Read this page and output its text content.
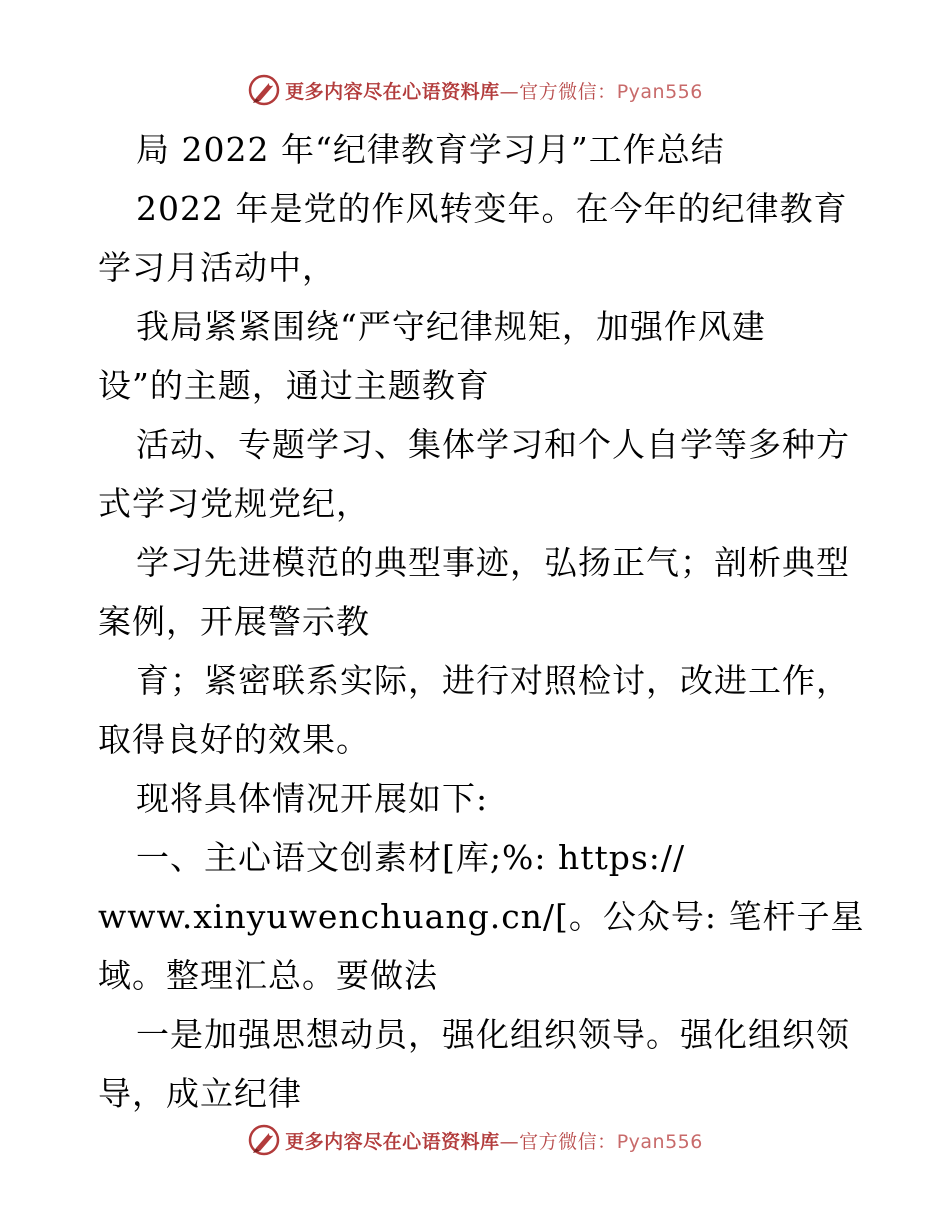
更多内容尽在心语资料库—官方微信：Pyan556
局 2022 年“纪律教育学习月”工作总结
2022 年是党的作风转变年。在今年的纪律教育
学习月活动中，
我局紧紧围绕“严守纪律规矩，加强作风建
设”的主题，通过主题教育
活动、专题学习、集体学习和个人自学等多种方
式学习党规党纪，
学习先进模范的典型事迹，弘扬正气；剖析典型
案例，开展警示教
育；紧密联系实际，进行对照检讨，改进工作，
取得良好的效果。
现将具体情况开展如下:
一、主心语文创素材[库;%: https://
www.xinyuwenchuang.cn/[。公众号: 笔杆子星
域。整理汇总。要做法
一是加强思想动员，强化组织领导。强化组织领
导，成立纪律
更多内容尽在心语资料库—官方微信：Pyan556
